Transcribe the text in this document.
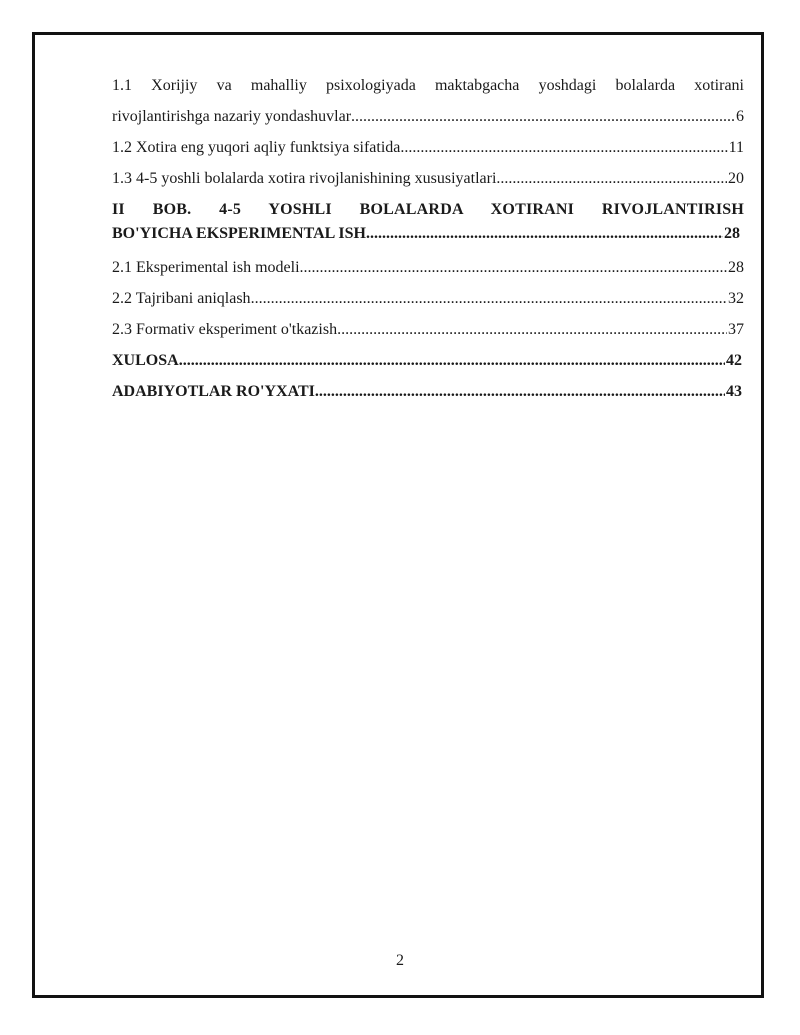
1.1 Xorijiy va mahalliy psixologiyada maktabgacha yoshdagi bolalarda xotirani
rivojlantirishga nazariy yondashuvlar .....	6
1.2 Xotira eng yuqori aqliy funktsiya sifatida .....	11
1.3 4-5 yoshli bolalarda xotira rivojlanishining xususiyatlari .....	20
II BOB. 4-5 YOSHLI BOLALARDA XOTIRANI RIVOJLANTIRISH
BO'YICHA EKSPERIMENTAL ISH .....	28
2.1 Eksperimental ish modeli .....	28
2.2 Tajribani aniqlash .....	32
2.3 Formativ eksperiment o'tkazish .....	37
XULOSA .....	42
ADABIYOTLAR RO'YXATI .....	43
2
